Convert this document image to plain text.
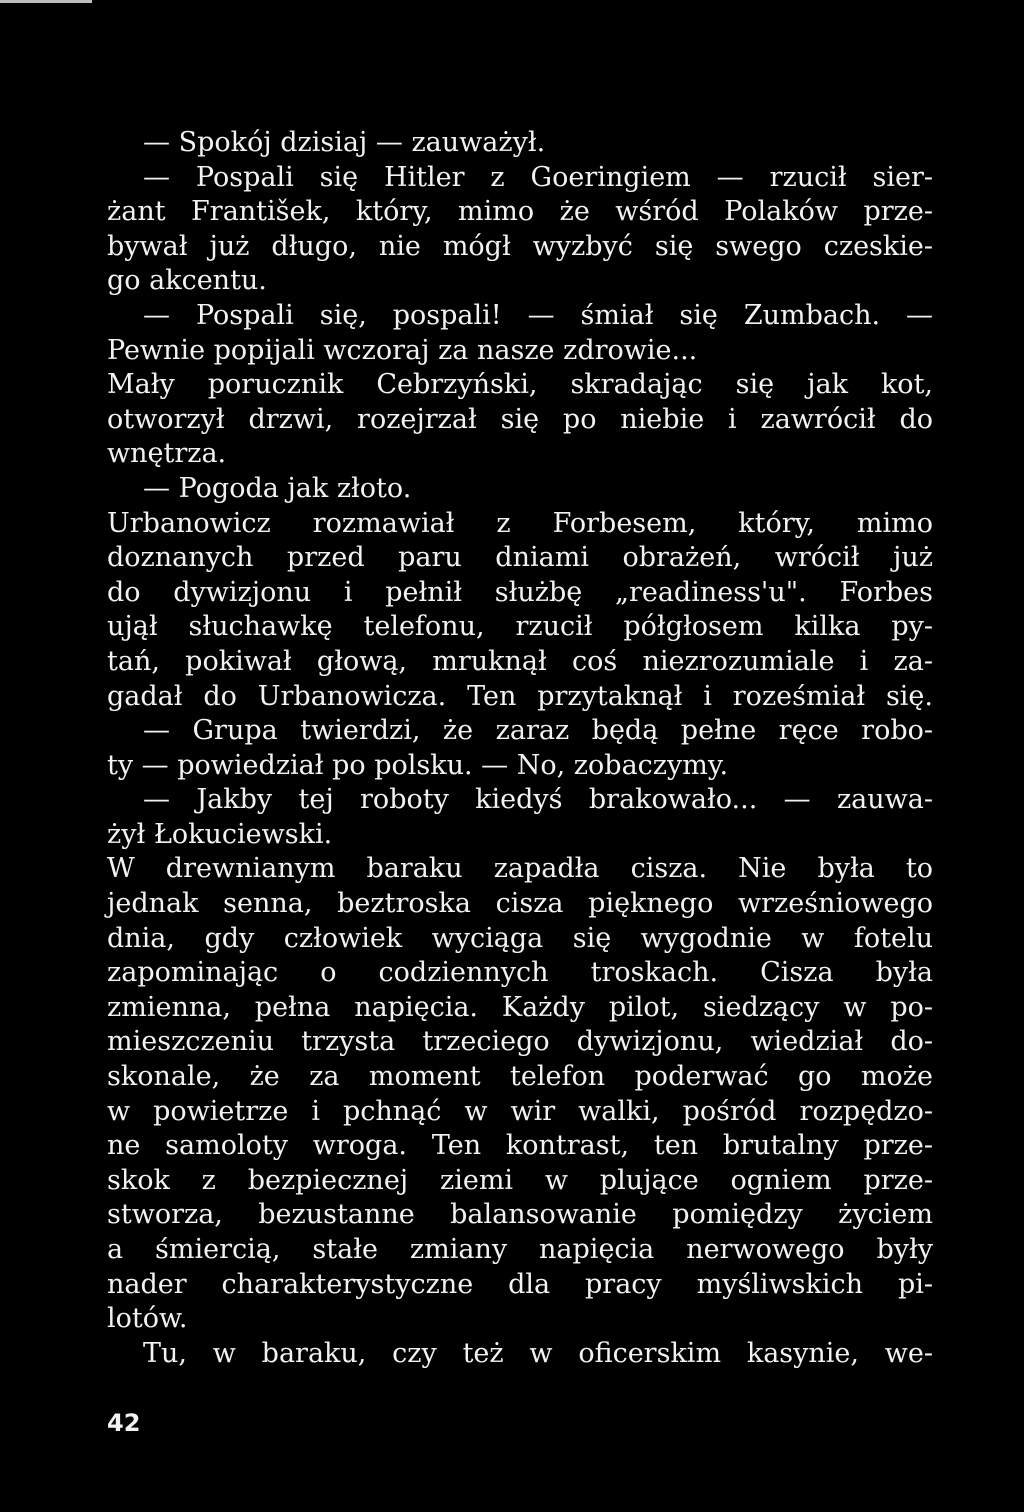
— Spokój dzisiaj — zauważył.
— Pospali się Hitler z Goeringiem — rzucił sier-
żant František, który, mimo że wśród Polaków prze-
bywał już długo, nie mógł wyzbyć się swego czeskie-
go akcentu.
— Pospali się, pospali! — śmiał się Zumbach. —
Pewnie popijali wczoraj za nasze zdrowie...
Mały porucznik Cebrzyński, skradając się jak kot,
otworzył drzwi, rozejrzał się po niebie i zawrócił do
wnętrza.
— Pogoda jak złoto.
Urbanowicz rozmawiał z Forbesem, który, mimo
doznanych przed paru dniami obrażeń, wrócił już
do dywizjonu i pełnił służbę „readiness'u". Forbes
ujął słuchawkę telefonu, rzucił półgłosem kilka py-
tań, pokiwał głową, mruknął coś niezrozumiale i za-
gadał do Urbanowicza. Ten przytaknął i roześmiał się.
— Grupa twierdzi, że zaraz będą pełne ręce robo-
ty — powiedział po polsku. — No, zobaczymy.
— Jakby tej roboty kiedyś brakowało... — zauwa-
żył Łokuciewski.
W drewnianym baraku zapadła cisza. Nie była to
jednak senna, beztroska cisza pięknego wrześniowego
dnia, gdy człowiek wyciąga się wygodnie w fotelu
zapominając o codziennych troskach. Cisza była
zmienna, pełna napięcia. Każdy pilot, siedzący w po-
mieszczeniu trzysta trzeciego dywizjonu, wiedział do-
skonale, że za moment telefon poderwać go może
w powietrze i pchnąć w wir walki, pośród rozpędzo-
ne samoloty wroga. Ten kontrast, ten brutalny prze-
skok z bezpiecznej ziemi w plujące ogniem prze-
stworza, bezustanne balansowanie pomiędzy życiem
a śmiercią, stałe zmiany napięcia nerwowego były
nader charakterystyczne dla pracy myśliwskich pi-
lotów.
Tu, w baraku, czy też w oficerskim kasynie, we-
42
